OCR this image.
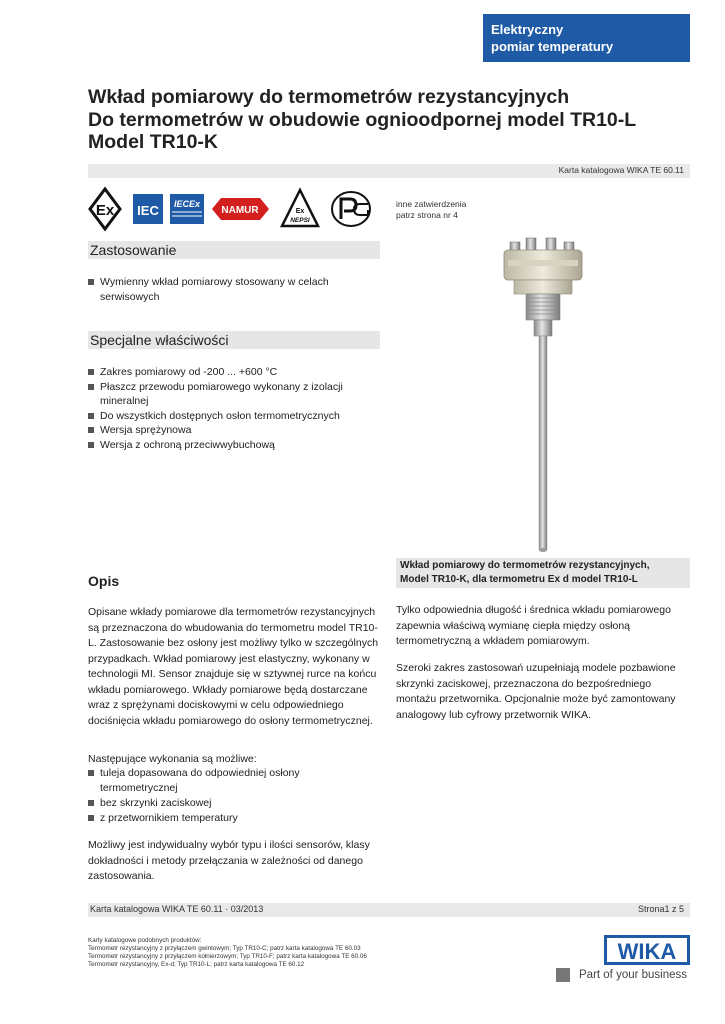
Elektryczny
pomiar temperatury
Wkład pomiarowy do termometrów rezystancyjnych
Do termometrów w obudowie ognioodpornej model TR10-L
Model TR10-K
Karta katalogowa WIKA TE 60.11
Ex IEC IECEx
NAMUR	Ex
NEPSI
inne zatwierdzenia
patrz strona nr 4
Zastosowanie
Wymienny wkład pomiarowy stosowany w celach serwisowych
Specjalne właściwości
Zakres pomiarowy od -200 ... +600 °C
Płaszcz przewodu pomiarowego wykonany z izolacji mineralnej
Do wszystkich dostępnych osłon termometrycznych
Wersja sprężynowa
Wersja z ochroną przeciwwybuchową
Wkład pomiarowy do termometrów rezystancyjnych,
Model TR10-K, dla termometru Ex d model TR10-L
Opis
Opisane wkłady pomiarowe dla termometrów rezystancyjnych są przeznaczona do wbudowania do termometru model TR10-L. Zastosowanie bez osłony jest możliwy tylko w szczególnych przypadkach. Wkład pomiarowy jest elastyczny, wykonany w technologii MI. Sensor znajduje się w sztywnej rurce na końcu wkładu pomiarowego. Wkłady pomiarowe będą dostarczane wraz z sprężynami dociskowymi w celu odpowiedniego dociśnięcia wkładu pomiarowego do osłony termometrycznej.
Następujące wykonania są możliwe:
tuleja dopasowana do odpowiedniej osłony termometrycznej
bez skrzynki zaciskowej
z przetwornikiem temperatury
Możliwy jest indywidualny wybór typu i ilości sensorów, klasy dokładności i metody przełączania w zależności od danego zastosowania.
Tylko odpowiednia długość i średnica wkładu pomiarowego zapewnia właściwą wymianę ciepła między osłoną termometryczną a wkładem pomiarowym.
Szeroki zakres zastosowań uzupełniają modele pozbawione skrzynki zaciskowej, przeznaczona do bezpośredniego montażu przetwornika. Opcjonalnie może być zamontowany analogowy lub cyfrowy przetwornik WIKA.
Karta katalogowa WIKA TE 60.11 · 03/2013	Strona1 z 5
Karty katalogowe podobnych produktów:
Termometr rezystancyjny z przyłączem gwintowym; Typ TR10-C; patrz karta katalogowa TE 60.03
Termometr rezystancyjny z przyłączem kołnierzowym; Typ TR10-F; patrz karta katalogowa TE 60.06
Termometr rezystancyjny, Ex-d; Typ TR10-L; patrz karta katalogowa TE 60.12
WIKA
Part of your business
